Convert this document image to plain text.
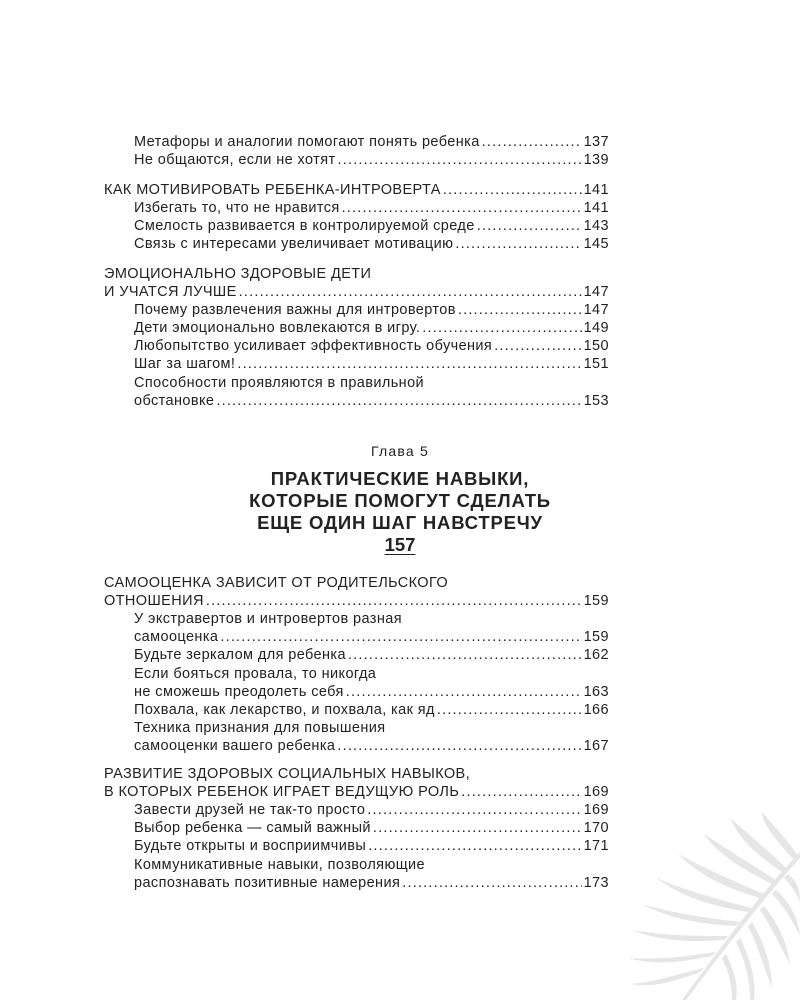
Метафоры и аналогии помогают понять ребенка .....	137
Не общаются, если не хотят .....	139
КАК МОТИВИРОВАТЬ РЕБЕНКА-ИНТРОВЕРТА .....	141
Избегать то, что не нравится .....	141
Смелость развивается в контролируемой среде .....	143
Связь с интересами увеличивает мотивацию .....	145
ЭМОЦИОНАЛЬНО ЗДОРОВЫЕ ДЕТИ
И УЧАТСЯ ЛУЧШЕ .....	147
Почему развлечения важны для интровертов .....	147
Дети эмоционально вовлекаются в игру. .....	149
Любопытство усиливает эффективность обучения .....	150
Шаг за шагом! .....	151
Способности проявляются в правильной
обстановке .....	153
Глава 5
ПРАКТИЧЕСКИЕ НАВЫКИ,
КОТОРЫЕ ПОМОГУТ СДЕЛАТЬ
ЕЩЕ ОДИН ШАГ НАВСТРЕЧУ
157
САМООЦЕНКА ЗАВИСИТ ОТ РОДИТЕЛЬСКОГО
ОТНОШЕНИЯ .....	159
У экстравертов и интровертов разная
самооценка .....	159
Будьте зеркалом для ребенка .....	162
Если бояться провала, то никогда
не сможешь преодолеть себя .....	163
Похвала, как лекарство, и похвала, как яд .....	166
Техника признания для повышения
самооценки вашего ребенка .....	167
РАЗВИТИЕ ЗДОРОВЫХ СОЦИАЛЬНЫХ НАВЫКОВ,
В КОТОРЫХ РЕБЕНОК ИГРАЕТ ВЕДУЩУЮ РОЛЬ .....	169
Завести друзей не так-то просто .....	169
Выбор ребенка — самый важный .....	170
Будьте открыты и восприимчивы .....	171
Коммуникативные навыки, позволяющие
распознавать позитивные намерения .....	173
